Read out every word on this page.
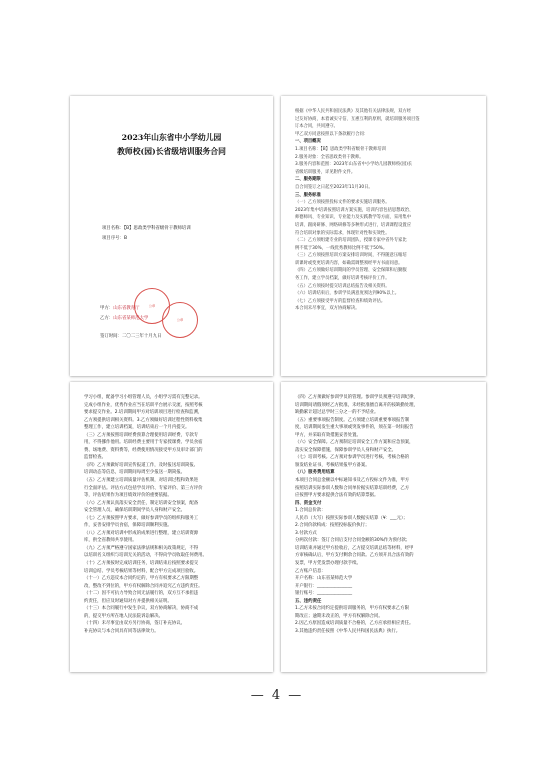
2023年山东省中小学幼儿园
教师校(园)长省级培训服务合同
项目名称：【B】思政类学科省级骨干教师培训
项目序号：B
公章
公章
甲方：山东省教育厅
乙方：山东省某师范大学
签订时间：二〇二三年十月九日
根据《中华人民共和国民法典》及其他有关法律法规，双方经
过友好协商，本着诚实守信、互惠互利的原则，就培训服务项目签
订本合同，共同遵守。
甲乙双方同意按照以下条款履行合同：
一、项目概况
1.项目名称：【B】思政类学科省级骨干教师培训
2.服务对象：全省思政类骨干教师。
3.服务内容和范围：2023年山东省中小学幼儿园教师校(园)长
省级培训服务，详见附件文件。
二、服务期限
自合同签订之日起至2023年11月30日。
三、服务标准
（一）乙方须按照投标文件的要求实施培训服务。
2023年集中培训按照培训方案实施，培训内容包括思想政治、
师德师风、专业知识、专业能力及实践教学等方面，采用集中
培训、跟岗研修、网络研修等多种形式进行，培训课程设置应
符合培训对象的实际需求，体现针对性和实效性。
（二）乙方须组建专业的培训团队，授课专家中省外专家比
例不低于30%，一线优秀教师比例不低于50%。
（三）乙方须按照培训方案安排培训时间，不得随意压缩培
训课时或变更培训内容，如确需调整须经甲方书面同意。
（四）乙方须做好培训期间的学员管理、安全保障和后勤服
务工作，建立学员档案，做好培训考核评价工作。
（五）乙方须按时提交培训总结报告及相关资料。
（六）培训结束后，参训学员满意度须达到90%以上。
（七）乙方须接受甲方的监督检查和绩效评估。
本合同未尽事宜，双方协商解决。
学习小组，配备学习小组管理人员，小组学习需有完整记录。
完成小组作业，优秀作业应当在培训平台展示交流，按照考核
要求提交作业。2.培训期间甲方对培训项目进行检查和监测，
乙方须提供培训相关资料。3.乙方须做好培训过程性资料收集
整理工作，建立培训档案，培训结束后一个月内提交。
（三）乙方须按照培训经费预算合理使用培训经费，专款专
用，不得挪作他用。培训经费主要用于专家授课费、学员食宿
费、场地费、资料费等，经费使用情况接受甲方及审计部门的
监督检查。
（四）乙方须做好培训宣传报道工作，及时报送培训简报、
培训动态等信息，培训期间每周至少报送一期简报。
（五）乙方须建立培训质量评估机制，对培训过程和效果进
行全面评估。评估方式包括学员评价、专家评价、第三方评价
等，评估结果作为项目绩效评价的重要依据。
（六）乙方须认真落实安全责任，制定培训安全预案，配备
安全管理人员，确保培训期间学员人身和财产安全。
（七）乙方须按照甲方要求，做好参训学员的组织和服务工
作，妥善安排学员食宿，保障培训顺利实施。
（八）乙方须对培训中形成的成果进行整理，建立培训资源
库，供全省教师共享使用。
（九）乙方须严格遵守国家法律法规和相关政策规定，不得
以培训名义组织与培训无关的活动，不得向学员收取任何费用。
（十）乙方须按时完成培训任务，培训结束后按照要求提交
培训总结、学员考核结果等材料，配合甲方完成项目验收。
（十一）乙方违反本合同约定的，甲方有权要求乙方限期整
改，整改不到位的，甲方有权解除合同并追究乙方违约责任。
（十二）因不可抗力导致合同无法履行的，双方互不承担违
约责任，但应及时通知对方并提供相关证明。
（十三）本合同履行中发生争议，双方协商解决，协商不成
的，提交甲方所在地人民法院诉讼解决。
（十四）未尽事宜由双方另行协商，签订补充协议。
补充协议与本合同具有同等法律效力。
（四）乙方须做好参训学员的管理。参训学员须遵守培训纪律，
培训期间请假须经乙方批准，未经批准擅自离开的按缺勤处理，
缺勤累计超过总学时三分之一的不予结业。
（五）重要事项报告制度。乙方须建立培训重要事项报告制
度，培训期间发生重大事项或突发事件的，须在第一时间报告
甲方，并采取有效措施妥善处置。
（六）安全保障。乙方须制定培训安全工作方案和应急预案，
落实安全保障措施，保障参训学员人身和财产安全。
（七）培训考核。乙方须对参训学员进行考核，考核合格的
颁发结业证书，考核结果报甲方备案。
（八）服务费用结算
本项目合同总金额以中标通知书及乙方投标文件为准，甲方
按照培训实际参训人数和合同单价据实结算培训经费，乙方
应按照甲方要求提供合法有效的结算票据。
四、资金支付
1.合同总价款：
人民币（大写）按照实际参训人数据实结算（¥：___元）；
2.合同价款构成：按照投标报价执行；
3.付款方式
分两次付款：签订合同后支付合同金额的30%作为预付款；
培训结束并通过甲方验收后，乙方提交培训总结等材料，经甲
方审核确认后，甲方支付剩余合同款。乙方须开具合法有效的
发票，甲方凭发票办理付款手续。
乙方账户信息：
开户名称：山东省某师范大学
开户银行：________________
银行账号：________________
五、违约责任
1.乙方未按合同约定提供培训服务的，甲方有权要求乙方限
期改正；逾期未改正的，甲方有权解除合同。
2.因乙方原因造成培训质量不合格的，乙方应承担相应责任。
3.其他违约责任按照《中华人民共和国民法典》执行。
— 4 —
